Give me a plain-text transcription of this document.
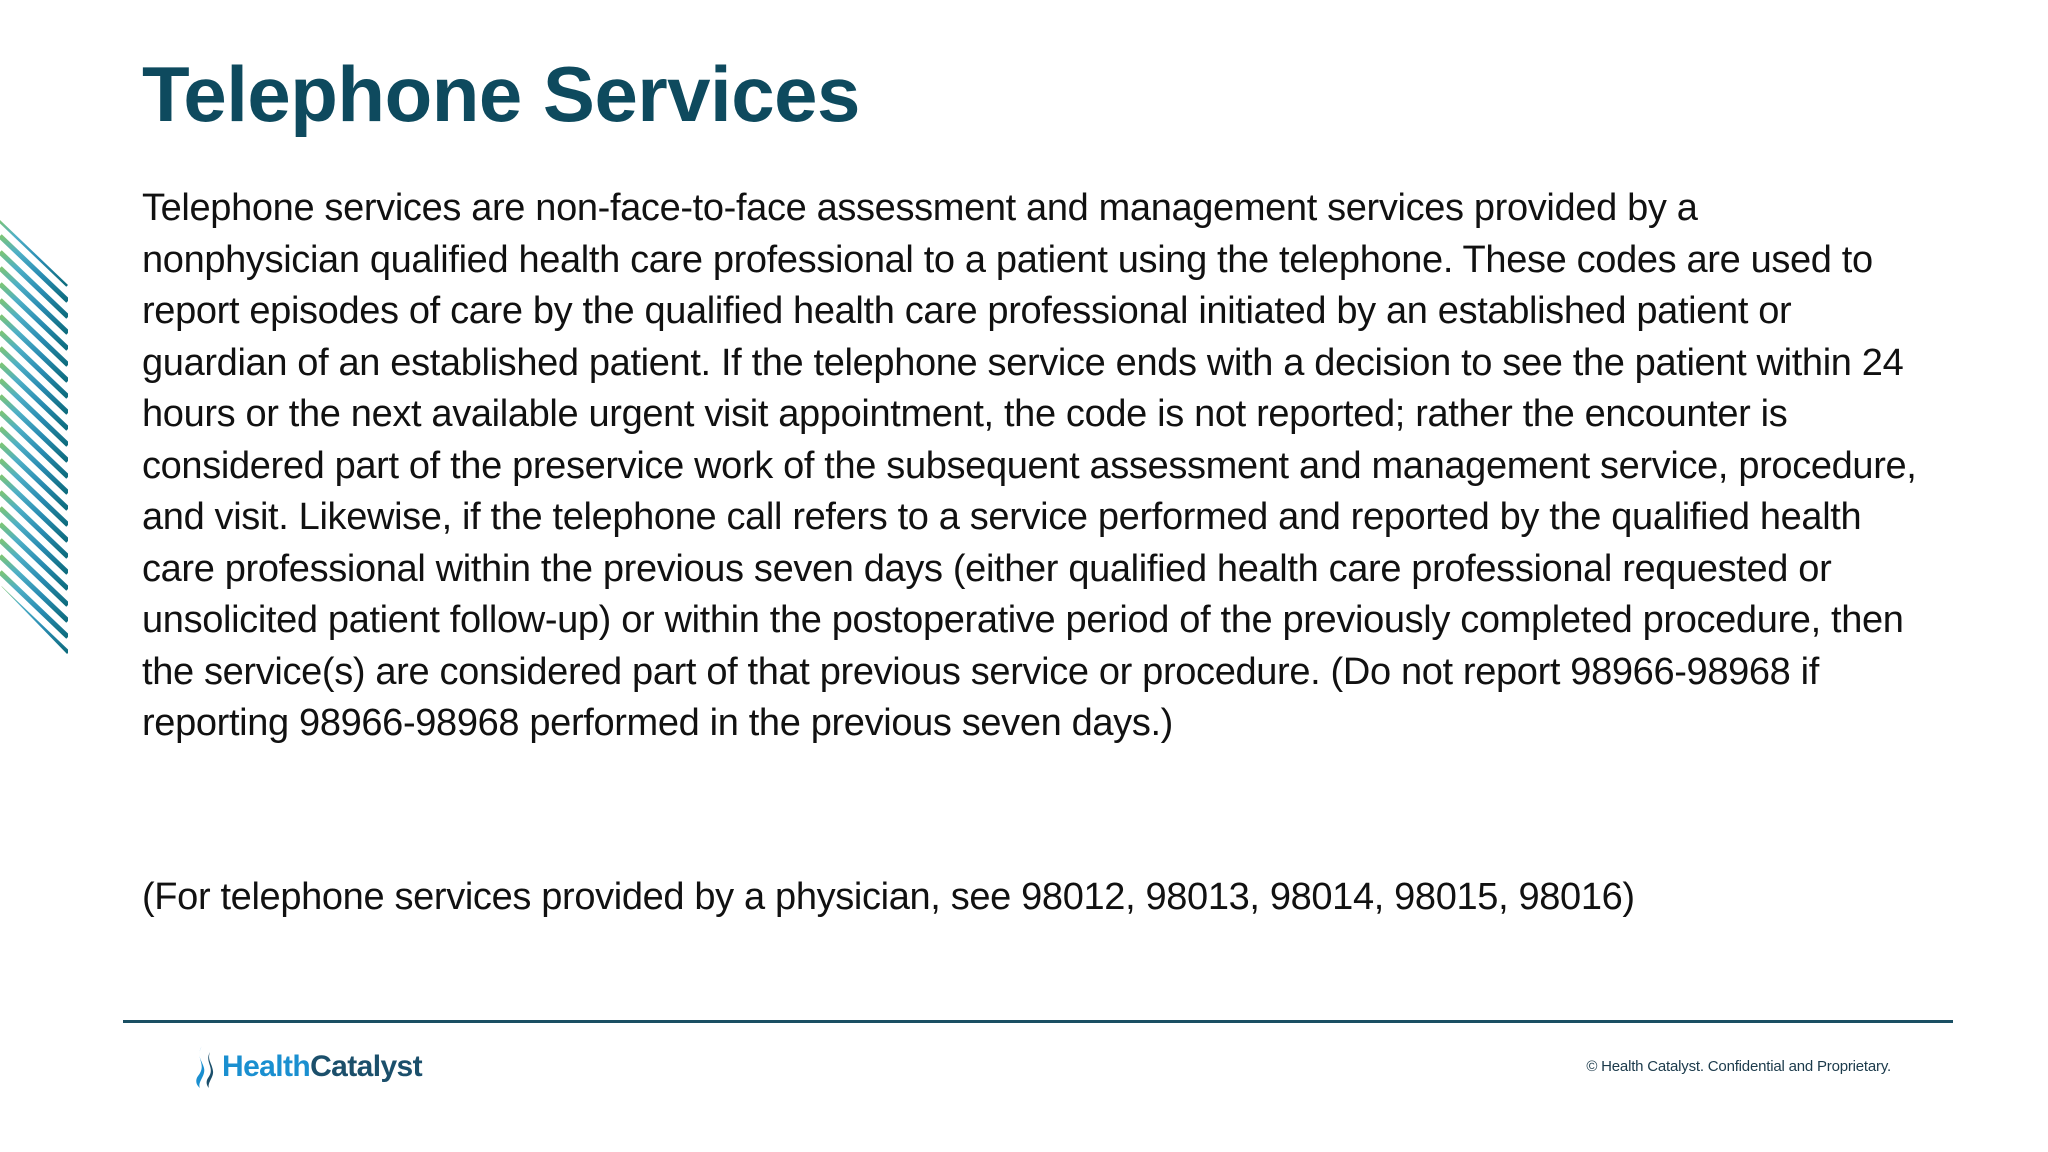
Telephone Services

Telephone services are non-face-to-face assessment and management services provided by a nonphysician qualified health care professional to a patient using the telephone. These codes are used to report episodes of care by the qualified health care professional initiated by an established patient or guardian of an established patient. If the telephone service ends with a decision to see the patient within 24 hours or the next available urgent visit appointment, the code is not reported; rather the encounter is considered part of the preservice work of the subsequent assessment and management service, procedure, and visit. Likewise, if the telephone call refers to a service performed and reported by the qualified health care professional within the previous seven days (either qualified health care professional requested or unsolicited patient follow-up) or within the postoperative period of the previously completed procedure, then the service(s) are considered part of that previous service or procedure. (Do not report 98966-98968 if reporting 98966-98968 performed in the previous seven days.)

(For telephone services provided by a physician, see 98012, 98013, 98014, 98015, 98016)

HealthCatalyst	© Health Catalyst. Confidential and Proprietary.
